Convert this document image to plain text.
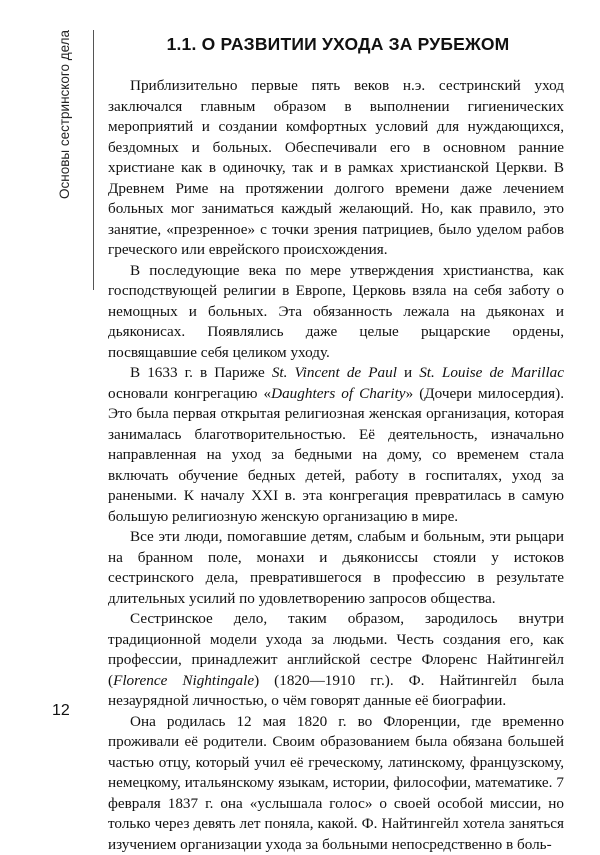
Основы сестринского дела	1.1. О РАЗВИТИИ УХОДА ЗА РУБЕЖОМ

Приблизительно первые пять веков н.э. сестринский уход заключался главным образом в выполнении гигиенических мероприятий и создании комфортных условий для нуждающихся, бездомных и больных. Обеспечивали его в основном ранние христиане как в одиночку, так и в рамках христианской Церкви. В Древнем Риме на протяжении долгого времени даже лечением больных мог заниматься каждый желающий. Но, как правило, это занятие, «презренное» с точки зрения патрициев, было уделом рабов греческого или еврейского происхождения.

В последующие века по мере утверждения христианства, как господствующей религии в Европе, Церковь взяла на себя заботу о немощных и больных. Эта обязанность лежала на дьяконах и дьяконисах. Появлялись даже целые рыцарские ордены, посвящавшие себя целиком уходу.

В 1633 г. в Париже St. Vincent de Paul и St. Louise de Marillac основали конгрегацию «Daughters of Charity» (Дочери милосердия). Это была первая открытая религиозная женская организация, которая занималась благотворительностью. Её деятельность, изначально направленная на уход за бедными на дому, со временем стала включать обучение бедных детей, работу в госпиталях, уход за ранеными. К началу XXI в. эта конгрегация превратилась в самую большую религиозную женскую организацию в мире.

Все эти люди, помогавшие детям, слабым и больным, эти рыцари на бранном поле, монахи и дьякониссы стояли у истоков сестринского дела, превратившегося в профессию в результате длительных усилий по удовлетворению запросов общества.

Сестринское дело, таким образом, зародилось внутри традиционной модели ухода за людьми. Честь создания его, как профессии, принадлежит английской сестре Флоренс Найтингейл (Florence Nightingale) (1820—1910 гг.). Ф. Найтингейл была незаурядной личностью, о чём говорят данные её биографии.

Она родилась 12 мая 1820 г. во Флоренции, где временно проживали её родители. Своим образованием была обязана большей частью отцу, который учил её греческому, латинскому, французскому, немецкому, итальянскому языкам, истории, философии, математике. 7 февраля 1837 г. она «услышала голос» о своей особой миссии, но только через девять лет поняла, какой. Ф. Найтингейл хотела заняться изучением организации ухода за больными непосредственно в боль-

12
